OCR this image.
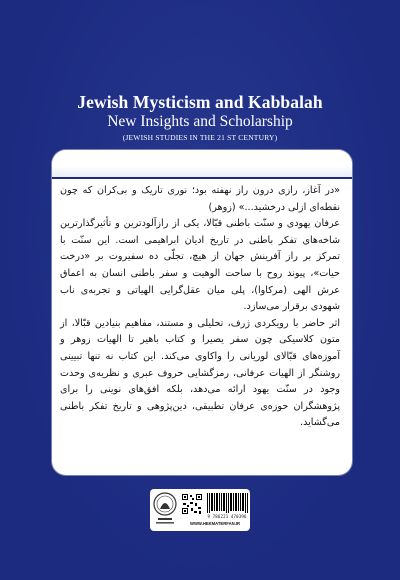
Jewish Mysticism and Kabbalah
New Insights and Scholarship
(JEWISH STUDIES IN THE 21 ST CENTURY)

«در آغاز، رازی درون راز نهفته بود؛ نوری تاریک و بی‌کران که چون نقطه‌ای ازلی درخشید...» (زوهر)

عرفان یهودی و سنّت باطنی قبّالا، یکی از رازآلودترین و تأثیرگذارترین شاخه‌های تفکر باطنی در تاریخ ادیان ابراهیمی است. این سنّت با تمرکز بر راز آفرینش جهان از هیچ، تجلّی ده سفیروت بر «درخت حیات»، پیوند روح با ساحت الوهیت و سفر باطنی انسان به اعماق عرش الهی (مرکاوا)، پلی میان عقل‌گرایی الهیاتی و تجربه‌ی ناب شهودی برقرار می‌سازد.

اثر حاضر با رویکردی ژرف، تحلیلی و مستند، مفاهیم بنیادین قبّالا، از متون کلاسیکی چون سفر یصیرا و کتاب باهیر تا الهیات زوهر و آموزه‌های قبّالای لوریانی را واکاوی می‌کند. این کتاب نه تنها تبیینی روشنگر از الهیات عرفانی، رمزگشایی حروف عبری و نظریه‌ی وحدت وجود در سنّت یهود ارائه می‌دهد، بلکه افق‌های نوینی را برای پژوهشگران حوزه‌ی عرفان تطبیقی، دین‌پژوهی و تاریخ تفکر باطنی می‌گشاید.

9 786221 470396
WWW.HEKMATERFAN.IR
